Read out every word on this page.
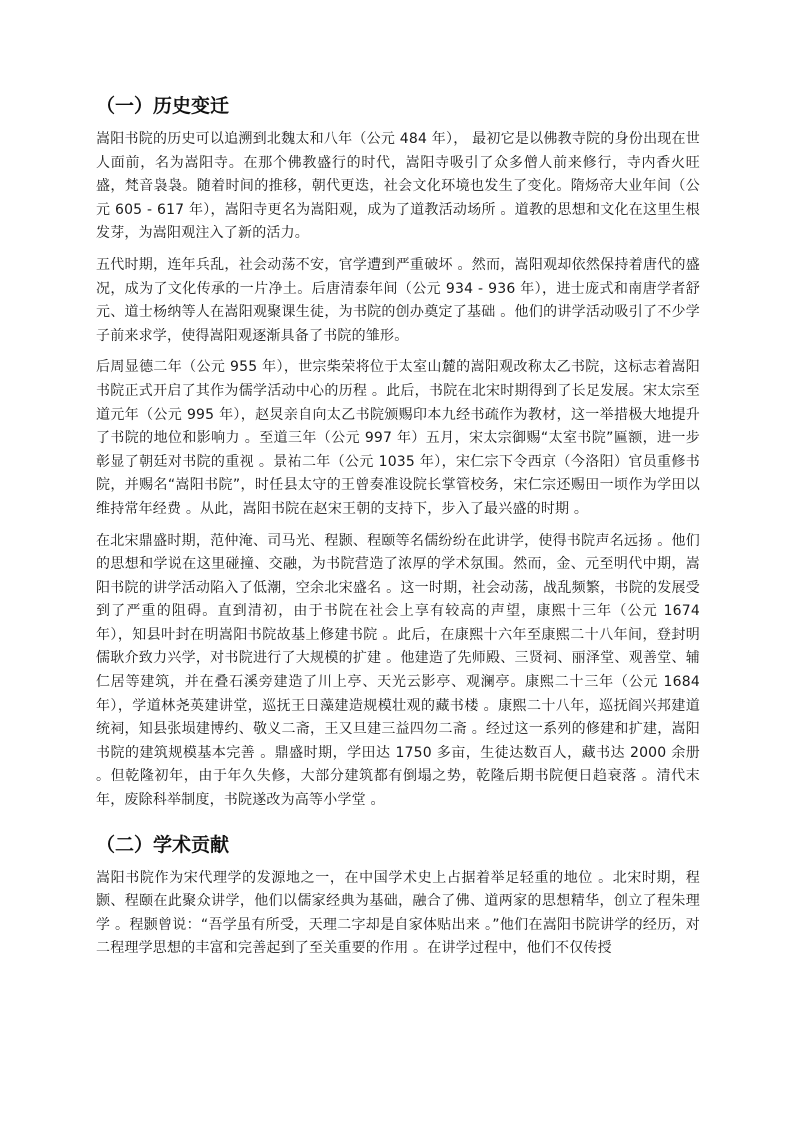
（一）历史变迁

嵩阳书院的历史可以追溯到北魏太和八年（公元 484 年）， 最初它是以佛教寺院的身份出现在世人面前，名为嵩阳寺。在那个佛教盛行的时代，嵩阳寺吸引了众多僧人前来修行，寺内香火旺盛，梵音袅袅。随着时间的推移，朝代更迭，社会文化环境也发生了变化。隋炀帝大业年间（公元 605 - 617 年），嵩阳寺更名为嵩阳观，成为了道教活动场所 。道教的思想和文化在这里生根发芽，为嵩阳观注入了新的活力。

五代时期，连年兵乱，社会动荡不安，官学遭到严重破坏 。然而，嵩阳观却依然保持着唐代的盛况，成为了文化传承的一片净土。后唐清泰年间（公元 934 - 936 年），进士庞式和南唐学者舒元、道士杨纳等人在嵩阳观聚课生徒，为书院的创办奠定了基础 。他们的讲学活动吸引了不少学子前来求学，使得嵩阳观逐渐具备了书院的雏形。

后周显德二年（公元 955 年），世宗柴荣将位于太室山麓的嵩阳观改称太乙书院，这标志着嵩阳书院正式开启了其作为儒学活动中心的历程 。此后，书院在北宋时期得到了长足发展。宋太宗至道元年（公元 995 年），赵炅亲自向太乙书院颁赐印本九经书疏作为教材，这一举措极大地提升了书院的地位和影响力 。至道三年（公元 997 年）五月，宋太宗御赐“太室书院”匾额，进一步彰显了朝廷对书院的重视 。景祐二年（公元 1035 年），宋仁宗下令西京（今洛阳）官员重修书院，并赐名“嵩阳书院”，时任县太守的王曾奏准设院长掌管校务，宋仁宗还赐田一顷作为学田以维持常年经费 。从此，嵩阳书院在赵宋王朝的支持下，步入了最兴盛的时期 。

在北宋鼎盛时期，范仲淹、司马光、程颢、程颐等名儒纷纷在此讲学，使得书院声名远扬 。他们的思想和学说在这里碰撞、交融，为书院营造了浓厚的学术氛围。然而，金、元至明代中期，嵩阳书院的讲学活动陷入了低潮，空余北宋盛名 。这一时期，社会动荡，战乱频繁，书院的发展受到了严重的阻碍。直到清初，由于书院在社会上享有较高的声望，康熙十三年（公元 1674 年），知县叶封在明嵩阳书院故基上修建书院 。此后，在康熙十六年至康熙二十八年间，登封明儒耿介致力兴学，对书院进行了大规模的扩建 。他建造了先师殿、三贤祠、丽泽堂、观善堂、辅仁居等建筑，并在叠石溪旁建造了川上亭、天光云影亭、观澜亭。康熙二十三年（公元 1684 年），学道林尧英建讲堂，巡抚王日藻建造规模壮观的藏书楼 。康熙二十八年，巡抚阎兴邦建道统祠，知县张埙建博约、敬义二斋，王又旦建三益四勿二斋 。经过这一系列的修建和扩建，嵩阳书院的建筑规模基本完善 。鼎盛时期，学田达 1750 多亩，生徒达数百人，藏书达 2000 余册 。但乾隆初年，由于年久失修，大部分建筑都有倒塌之势，乾隆后期书院便日趋衰落 。清代末年，废除科举制度，书院遂改为高等小学堂 。

（二）学术贡献

嵩阳书院作为宋代理学的发源地之一，在中国学术史上占据着举足轻重的地位 。北宋时期，程颢、程颐在此聚众讲学，他们以儒家经典为基础，融合了佛、道两家的思想精华，创立了程朱理学 。程颢曾说：“吾学虽有所受，天理二字却是自家体贴出来 。”他们在嵩阳书院讲学的经历，对二程理学思想的丰富和完善起到了至关重要的作用 。在讲学过程中，他们不仅传授
